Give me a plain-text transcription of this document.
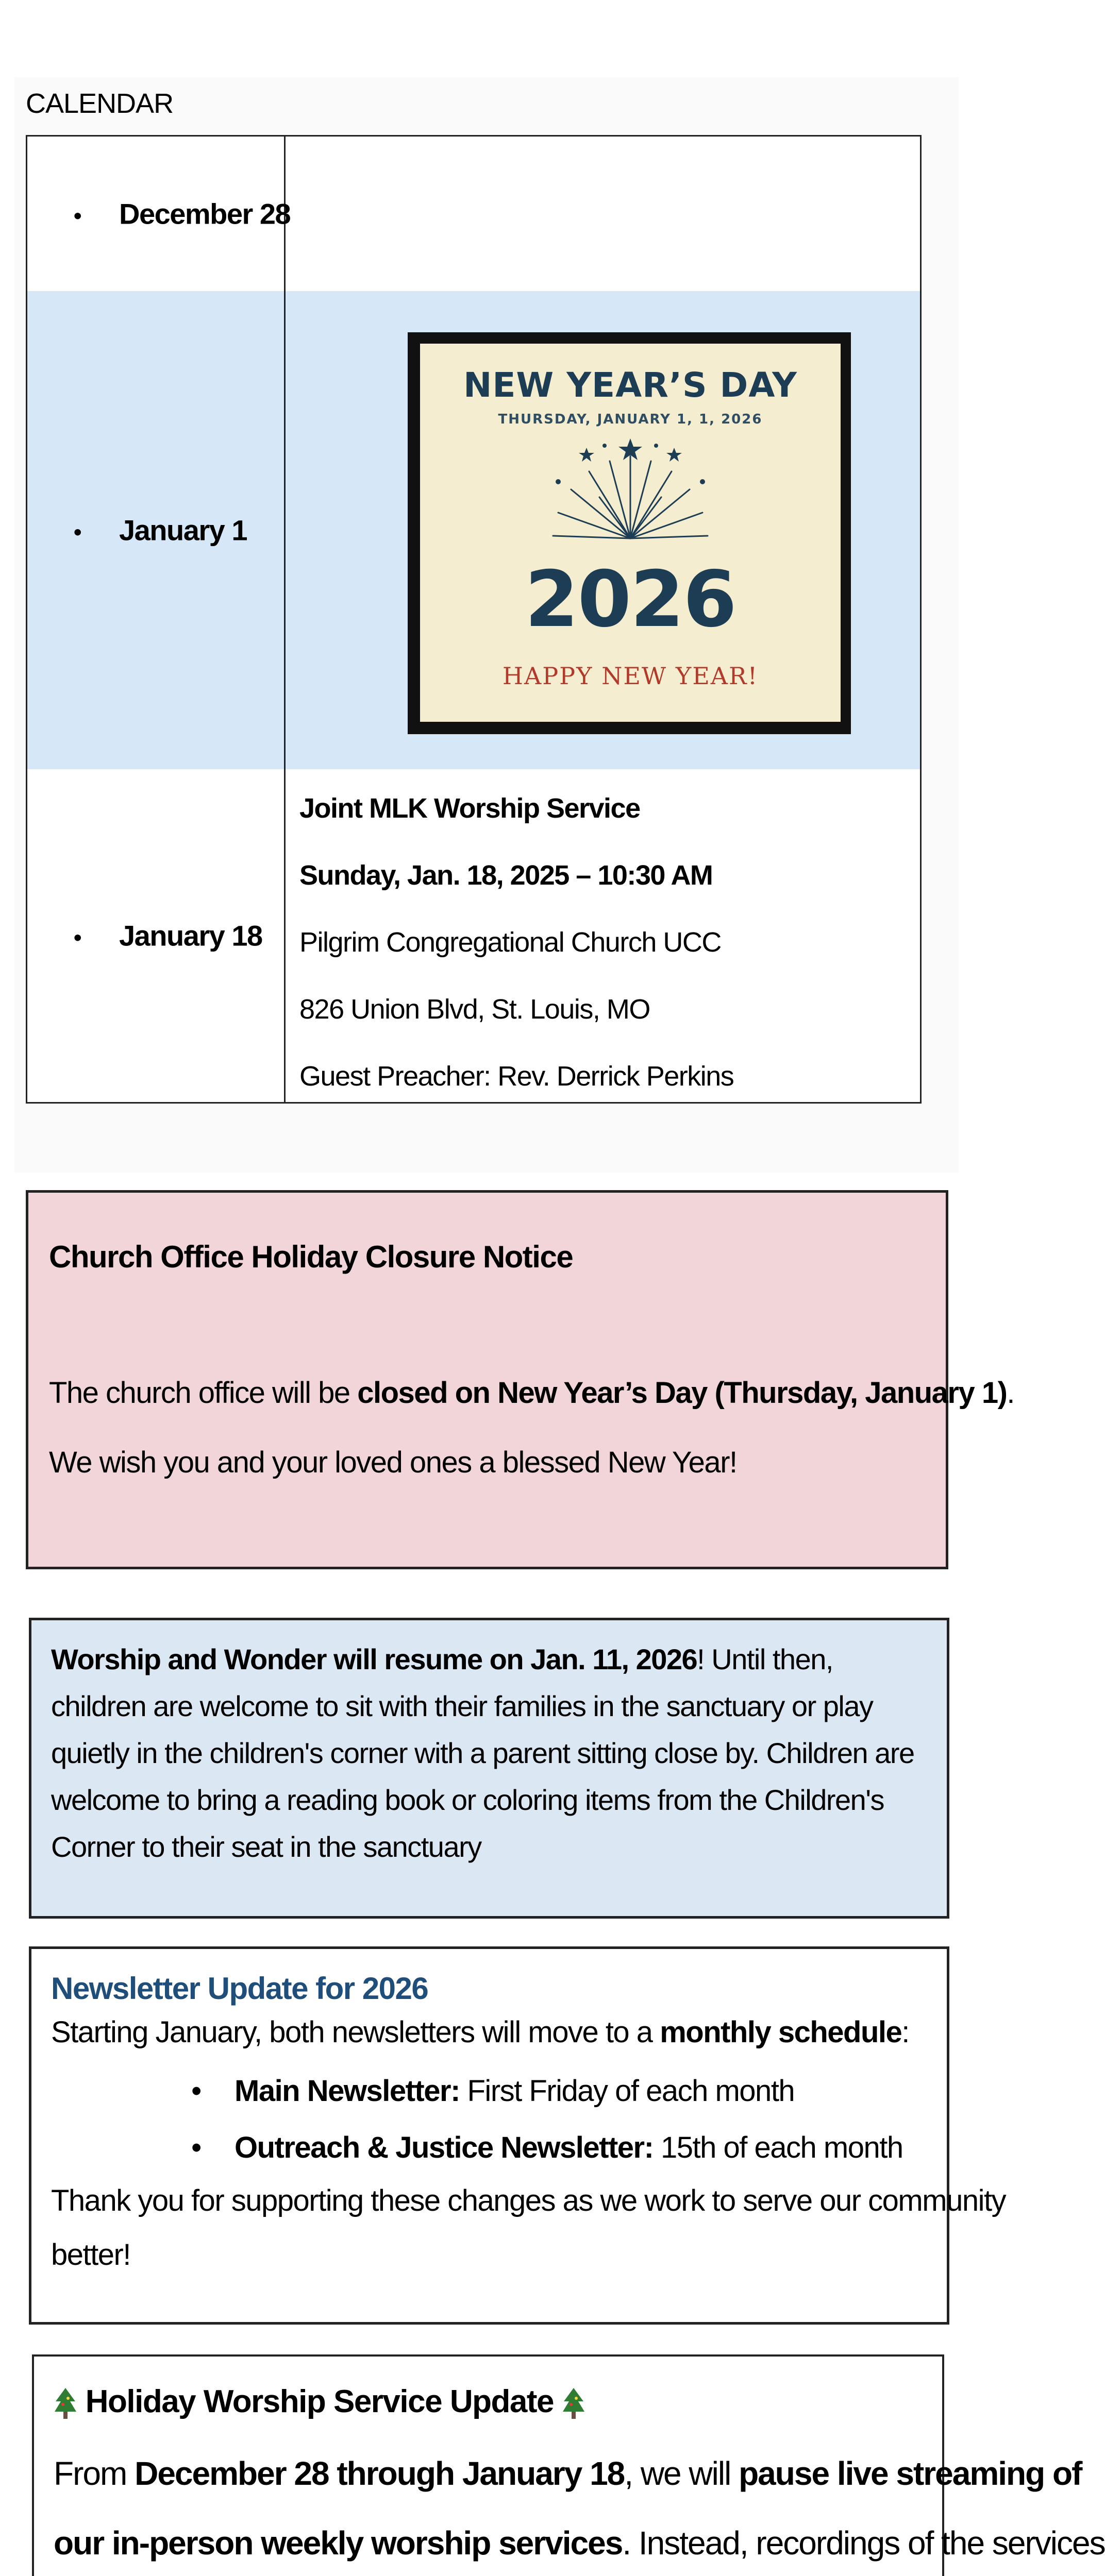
CALENDAR
• December 28
• January 1
NEW YEAR’S DAY
THURSDAY, JANUARY 1, 1, 2026
2026
HAPPY NEW YEAR!
• January 18
Joint MLK Worship Service
Sunday, Jan. 18, 2025 – 10:30 AM
Pilgrim Congregational Church UCC
826 Union Blvd, St. Louis, MO
Guest Preacher: Rev. Derrick Perkins
Church Office Holiday Closure Notice
The church office will be closed on New Year’s Day (Thursday, January 1).
We wish you and your loved ones a blessed New Year!
Worship and Wonder will resume on Jan. 11, 2026! Until then, children are welcome to sit with their families in the sanctuary or play quietly in the children's corner with a parent sitting close by. Children are welcome to bring a reading book or coloring items from the Children's Corner to their seat in the sanctuary
Newsletter Update for 2026
Starting January, both newsletters will move to a monthly schedule:
• Main Newsletter: First Friday of each month
• Outreach & Justice Newsletter: 15th of each month
Thank you for supporting these changes as we work to serve our community
better!
Holiday Worship Service Update
From December 28 through January 18, we will pause live streaming of
our in-person weekly worship services. Instead, recordings of the services
